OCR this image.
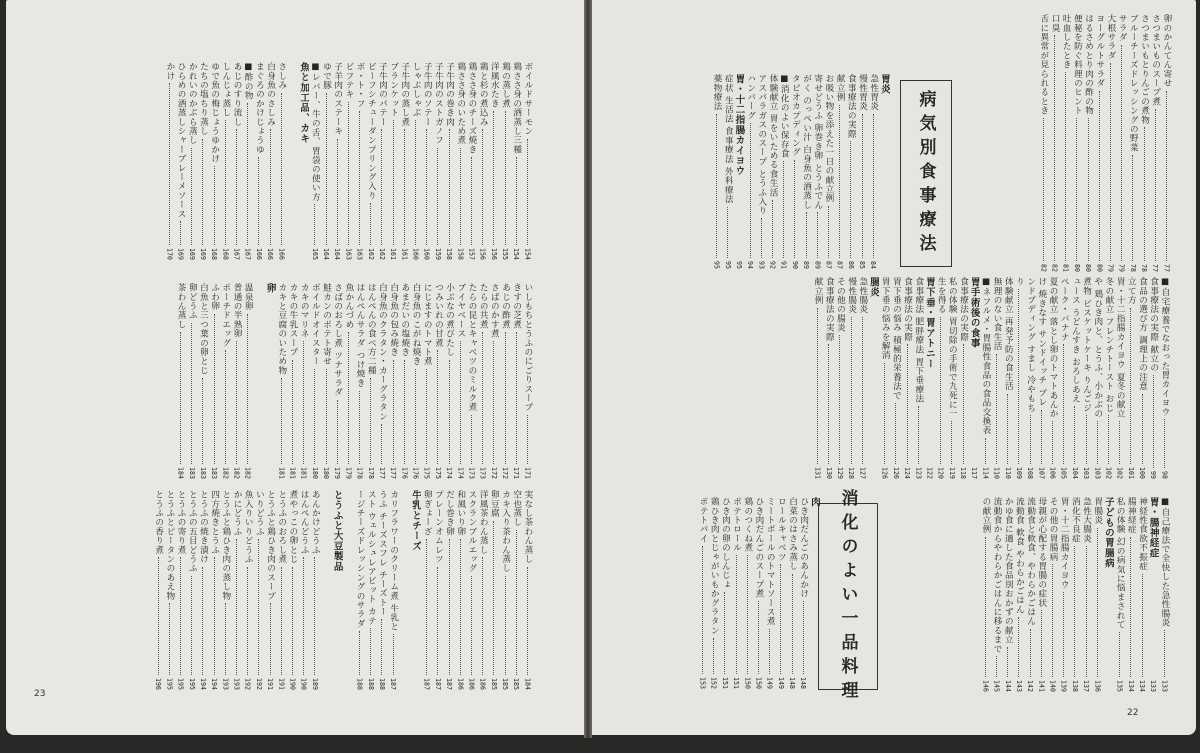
ボイルドサーモン
154
鶏ささ身の酒蒸し三種
154
鶏の蒸し煮
155
洋風水たき
156
鶏と杉の煮込み
156
鶏ささ身のチーズ焼き
157
鶏ささ身のいため煮
158
子牛肉の巻き肉
158
子牛肉のストガノフ
159
子牛肉のソテー
160
しゃぶしゃぶ
160
子牛肉の蒸し煮
161
ブランケット
161
子牛肉のパテー
162
ビーフシチューダンプリング入り
162
ボ・ト・フ
163
ビフテキ
163
子羊肉のステーキ
164
ゆで豚
164
■レバー、牛の舌、胃袋の使い方
165
魚と加工品、カキ
さしみ
166
白身魚のさしみ
166
まぐろのかけじょうゆ
166
■酢の物
167
あじのすり流し
167
しんじょ蒸し
168
ゆで魚の梅じょうゆかけ
168
たちの塩ちり蒸し
169
かれいのかぶら蒸し
169
ひらめの酒蒸しシャーブレーメソース
169
かけ
170
いしもちとうふのにごりスープ
171
きすの芝煮
171
あじの酢煮
172
さばのかす煮
172
たらの共煮
173
たらの昆とキャベツのミルク煮
173
ブイヤベース
174
小ぶなの煮びたし
174
つみいれの甘煮
175
にじますのトマト煮
175
白身魚のこがね焼き
176
あまだいの塩焼き
176
白身魚の包み焼き
177
白身魚のクラタン・カーグラタン
177
はんぺんの食べ方二種
178
はんぺんサラダ つけ焼き
178
魚かんづめ
179
さばのおろし煮 ツナサラダ
179
鮭カンのポテト寄せ
180
ポイルドオイスター
180
カキのマリネ
181
カキの牛乳スープ
181
カキと豆腐のいため物
181
卵
温泉卵
182
普通の半熟卵
182
ポーチドエッグ
182
ふわ卵
183
白魚と三つ葉の卵とじ
183
卵どうふ
183
茶わん蒸し
184
実なし茶わん蒸し
184
空也蒸し
185
カキ入り茶わん蒸し
185
卵豆腐
185
洋風茶わん蒸し
186
スクランブルエッグ
186
和風いり卵
186
だし巻き卵
187
プレーンオムレツ
187
卵ぎょーざ
187
牛乳とチーズ
カリフラワーのクリーム煮 牛乳と
187
うふ チーズスフレ チーズトー
188
スト ウェルシュレアビット カテ
188
ージチーズドレッシングのサラダ
188
とうふと大豆製品
あんかけどうふ
189
はんぺんどうふ
190
煮やっこの卵とじ
190
とうふのおろし煮
191
とうふと鶏ひき肉のスープ
191
いりどうふ
192
魚入りいりどうふ
192
かにどうふ
193
とうふと鶏ひき肉の蒸し物
193
四方焼きとうふ
194
とうふの焼き漬け
194
とうふの五目どうふ
195
とうふの寄り煮
195
とうふとピータンのあえ物
195
とうふの香り煮
196
23
胃炎
急性胃炎
84
慢性胃炎
85
食事療法の実際
86
献立例
87
お吸い物を添えた一日の献立例
87
寄せどうふ 卵巻き卵 とうふでん
89
がく のっぺい汁 白身魚の酒蒸し
89
タピオカプディング
90
■消化のよい保存食
91
体験献立 胃をいためる食生活
92
アスパラガスのスープ とうふ入り
93
ハンバーグ
94
胃・十二指腸カイヨウ
95
症状 生活法 食事療法 外科療法
95
薬物療法
95
病気別食事療法
卵のかんてん寄せ
77
さつまいものスープ煮
77
さつまいもとりんごの煮物
78
ブルーチーズドレッシングの野菜
78
サラダ
79
大根サラダ
79
ヨーグルトサラダ
80
はるさめとり肉の酢の物
80
便秘を防ぐ料理のヒント
80
吐血したとき
81
口臭
82
舌に異常が見られるとき
82
■自宅療養でなおった胃カイヨウ
98
食事療法の実際 献立の
99
食品の選び方 調理上の注意
100
立て方
101
胃・十二指腸カイヨウ 夏冬の献立
102
冬の献立 フレンチトースト おじ
102
や 鶏ひき肉と、とうふ、小かぶの
103
煮物 ビスケットケーキ りんごジ
103
ュース うどんすき おろしあえ
104
ペーク・バナナ
105
夏の献立 落とし卵のトマトあんか
106
け 焼きなす サンドイッチ プレ
107
ンドプディング すまし 冷やもち
108
り
109
体験献立 再発予防の食生活
110
無理のない食生活
110
■ネフルメ・胃腸性食品の食品交換表
114
胃手術後の食事
117
食事療法の実際
118
私の体験 胃切除の手術で九死に一
119
生を得る
120
胃下垂・胃アトニー
122
食事療法 肥胖療法 胃下垂療法
123
食事療法の実際
124
胃下垂の悩み 積極的栄養法で
126
胃下垂の悩みを解消
126
腸炎
急性腸炎
127
慢性腸炎
128
その他の腸炎
129
食事療法の実際
130
献立例
131
肉
ひき肉だんごのあんかけ
148
白菜のはさみ蒸し
148
ロールキャベツ
149
ミートボールのトマトソース煮
149
ひき肉だんごのスープ煮
150
鶏のつくね煮
150
ポテトロール
151
ひき肉の卵のしんじょ
151
鶏ひき肉とじゃがいもかグラタン
152
ポテトパイ
153	消化のよい一品料理	■自己療法で全快した急性腸炎
133
胃・腸神経症
133
神経性食欲不振症
134
腸神経症
134
私の体験 幻の病気に悩まされて
135
子どもの胃腸病
胃腸炎
136
急性大腸炎
137
消化不良症
138
胃・十二指腸カイヨウ
139
その他の胃腸病
140
母親が心配する胃腸の症状
141
流動食と軟食、やわらかごはん
142
流動食 軟食 やわらかごはん
143
かゆ食に適した食品別おかずの献立
144
流動食からやわらかごはんに移るまで
145
の献立例
146
22
